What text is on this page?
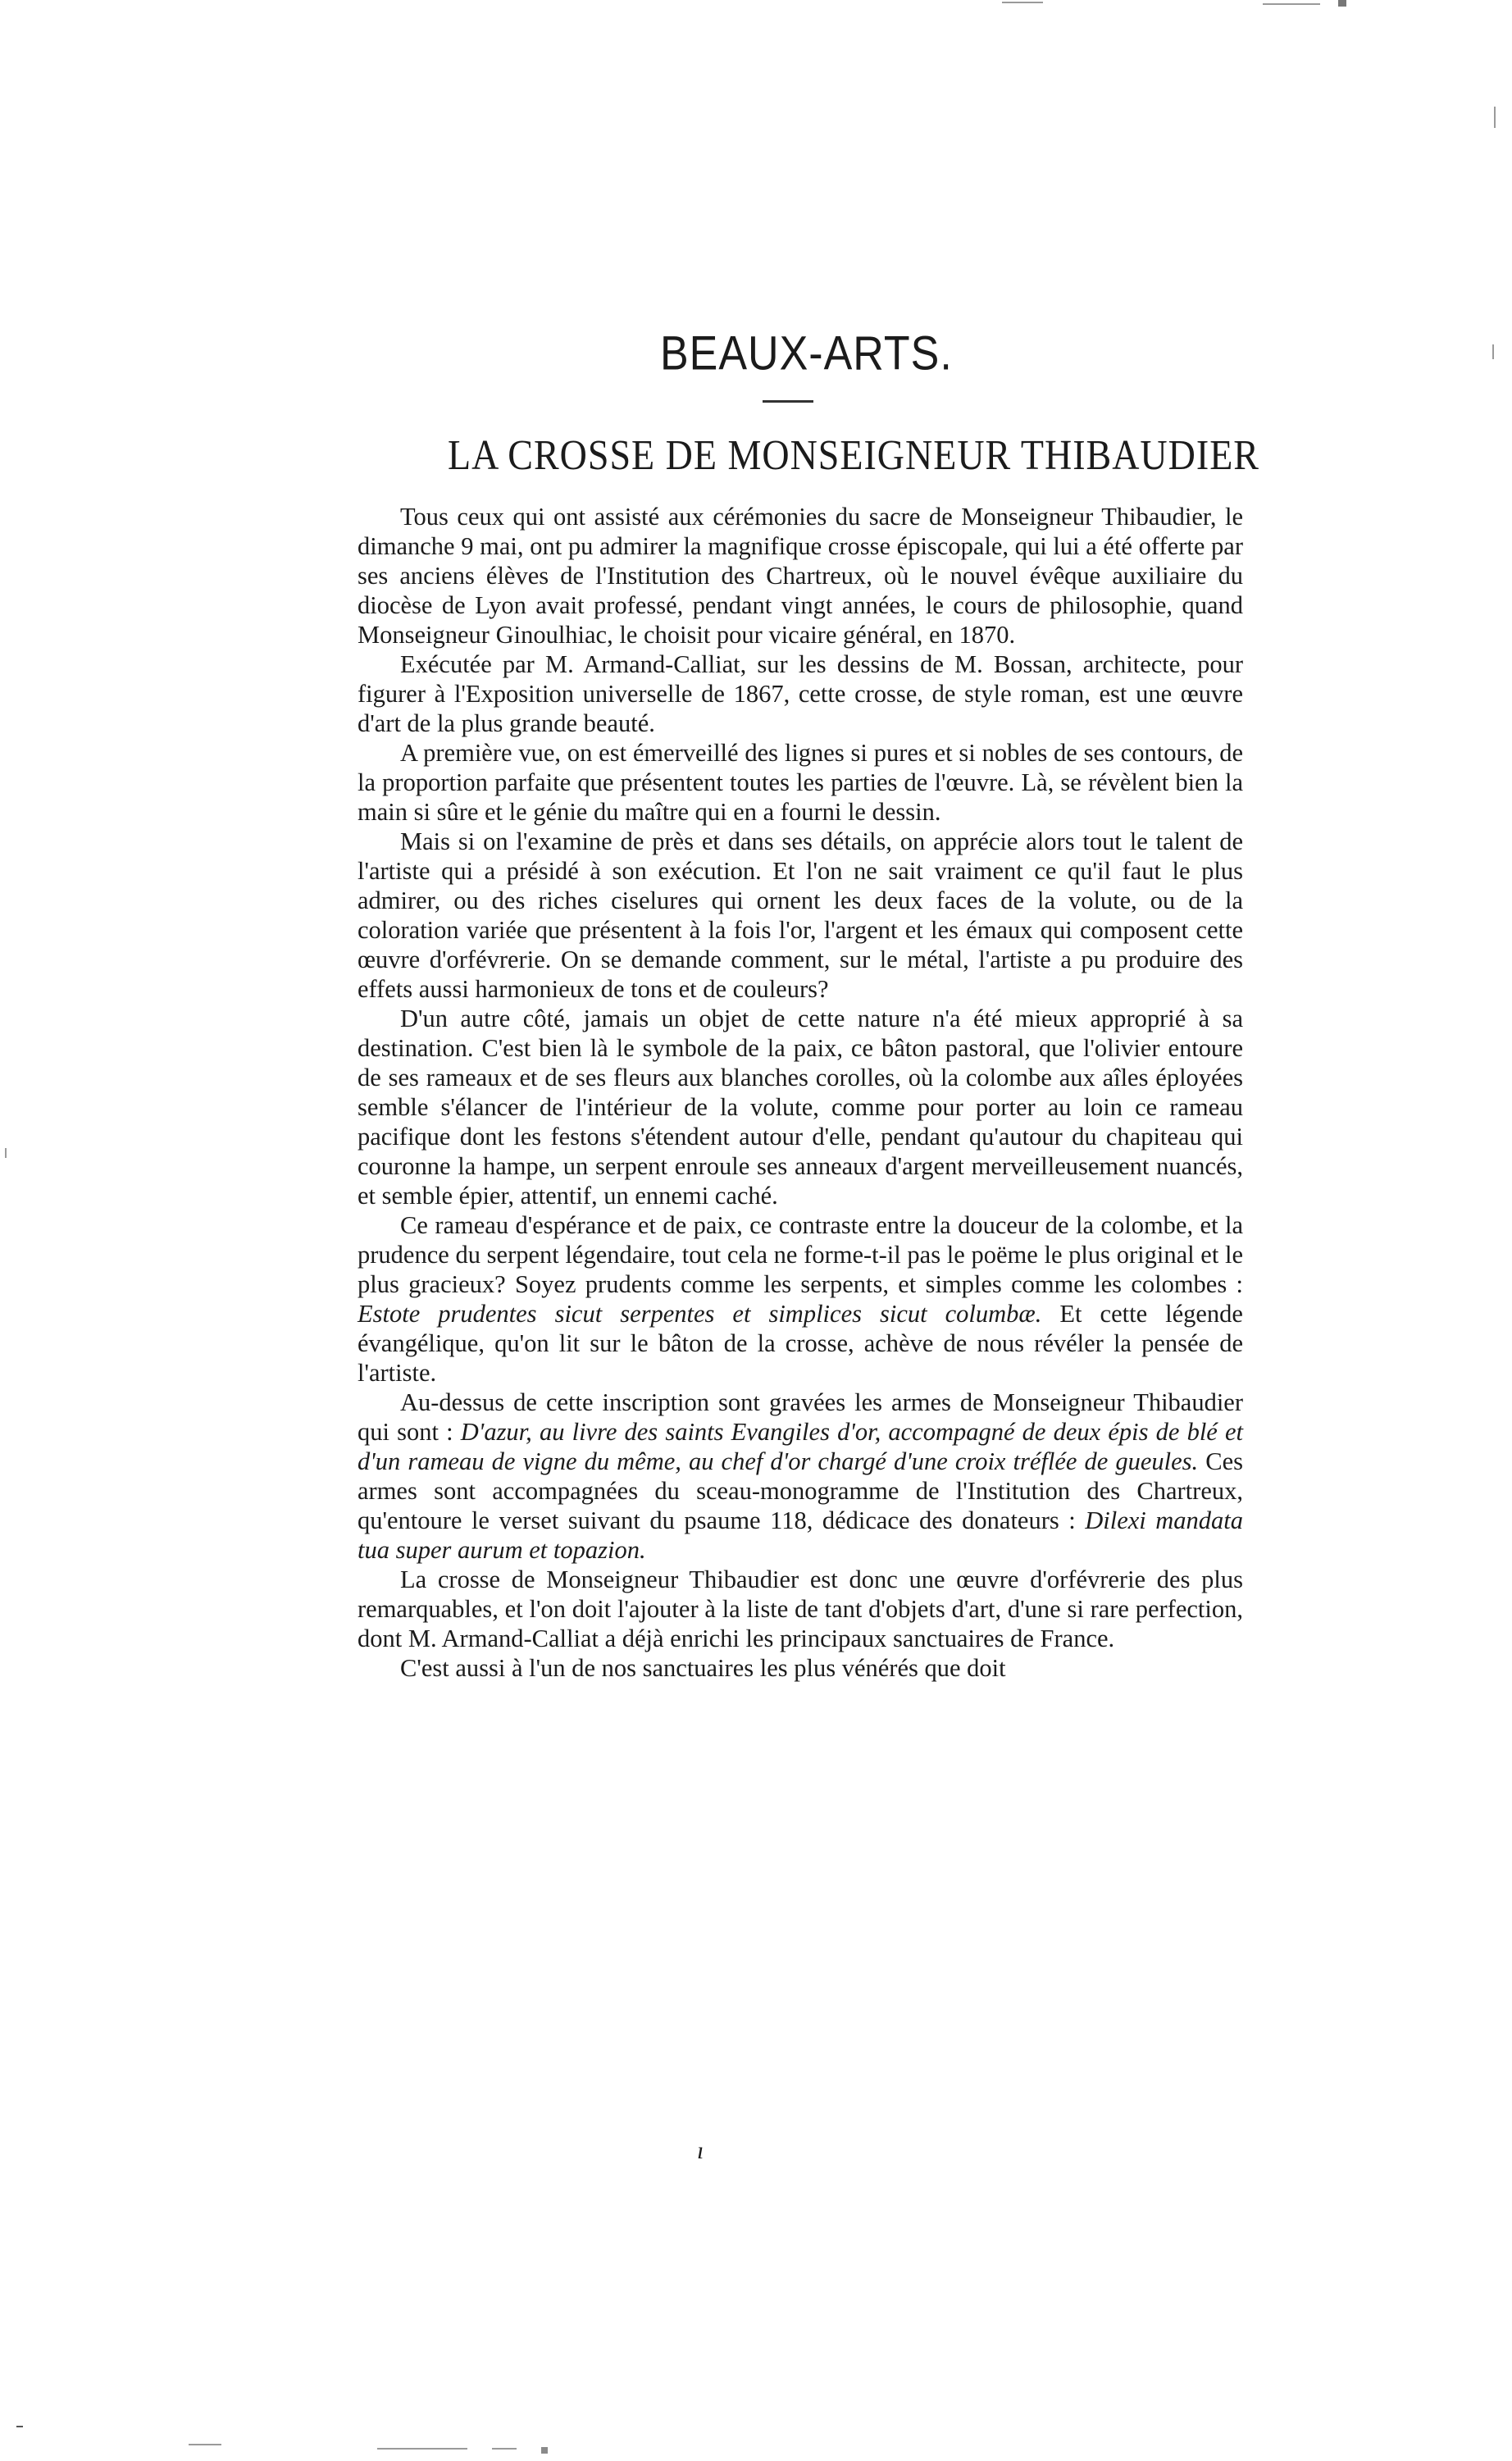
BEAUX-ARTS.
LA CROSSE DE MONSEIGNEUR THIBAUDIER

Tous ceux qui ont assisté aux cérémonies du sacre de Monseigneur Thibaudier, le dimanche 9 mai, ont pu admirer la magnifique crosse épiscopale, qui lui a été offerte par ses anciens élèves de l'Institution des Chartreux, où le nouvel évêque auxiliaire du diocèse de Lyon avait professé, pendant vingt années, le cours de philosophie, quand Monseigneur Ginoulhiac, le choisit pour vicaire général, en 1870.

Exécutée par M. Armand-Calliat, sur les dessins de M. Bossan, architecte, pour figurer à l'Exposition universelle de 1867, cette crosse, de style roman, est une œuvre d'art de la plus grande beauté.

A première vue, on est émerveillé des lignes si pures et si nobles de ses contours, de la proportion parfaite que présentent toutes les parties de l'œuvre. Là, se révèlent bien la main si sûre et le génie du maître qui en a fourni le dessin.

Mais si on l'examine de près et dans ses détails, on apprécie alors tout le talent de l'artiste qui a présidé à son exécution. Et l'on ne sait vraiment ce qu'il faut le plus admirer, ou des riches ciselures qui ornent les deux faces de la volute, ou de la coloration variée que présentent à la fois l'or, l'argent et les émaux qui composent cette œuvre d'orfévrerie. On se demande comment, sur le métal, l'artiste a pu produire des effets aussi harmonieux de tons et de couleurs?

D'un autre côté, jamais un objet de cette nature n'a été mieux approprié à sa destination. C'est bien là le symbole de la paix, ce bâton pastoral, que l'olivier entoure de ses rameaux et de ses fleurs aux blanches corolles, où la colombe aux aîles éployées semble s'élancer de l'intérieur de la volute, comme pour porter au loin ce rameau pacifique dont les festons s'étendent autour d'elle, pendant qu'autour du chapiteau qui couronne la hampe, un serpent enroule ses anneaux d'argent merveilleusement nuancés, et semble épier, attentif, un ennemi caché.

Ce rameau d'espérance et de paix, ce contraste entre la douceur de la colombe, et la prudence du serpent légendaire, tout cela ne forme-t-il pas le poëme le plus original et le plus gracieux? Soyez prudents comme les serpents, et simples comme les colombes : Estote prudentes sicut serpentes et simplices sicut columbæ. Et cette légende évangélique, qu'on lit sur le bâton de la crosse, achève de nous révéler la pensée de l'artiste.

Au-dessus de cette inscription sont gravées les armes de Monseigneur Thibaudier qui sont : D'azur, au livre des saints Evangiles d'or, accompagné de deux épis de blé et d'un rameau de vigne du même, au chef d'or chargé d'une croix tréflée de gueules. Ces armes sont accompagnées du sceau-monogramme de l'Institution des Chartreux, qu'entoure le verset suivant du psaume 118, dédicace des donateurs : Dilexi mandata tua super aurum et topazion.

La crosse de Monseigneur Thibaudier est donc une œuvre d'orfévrerie des plus remarquables, et l'on doit l'ajouter à la liste de tant d'objets d'art, d'une si rare perfection, dont M. Armand-Calliat a déjà enrichi les principaux sanctuaires de France.

C'est aussi à l'un de nos sanctuaires les plus vénérés que doit

ı
